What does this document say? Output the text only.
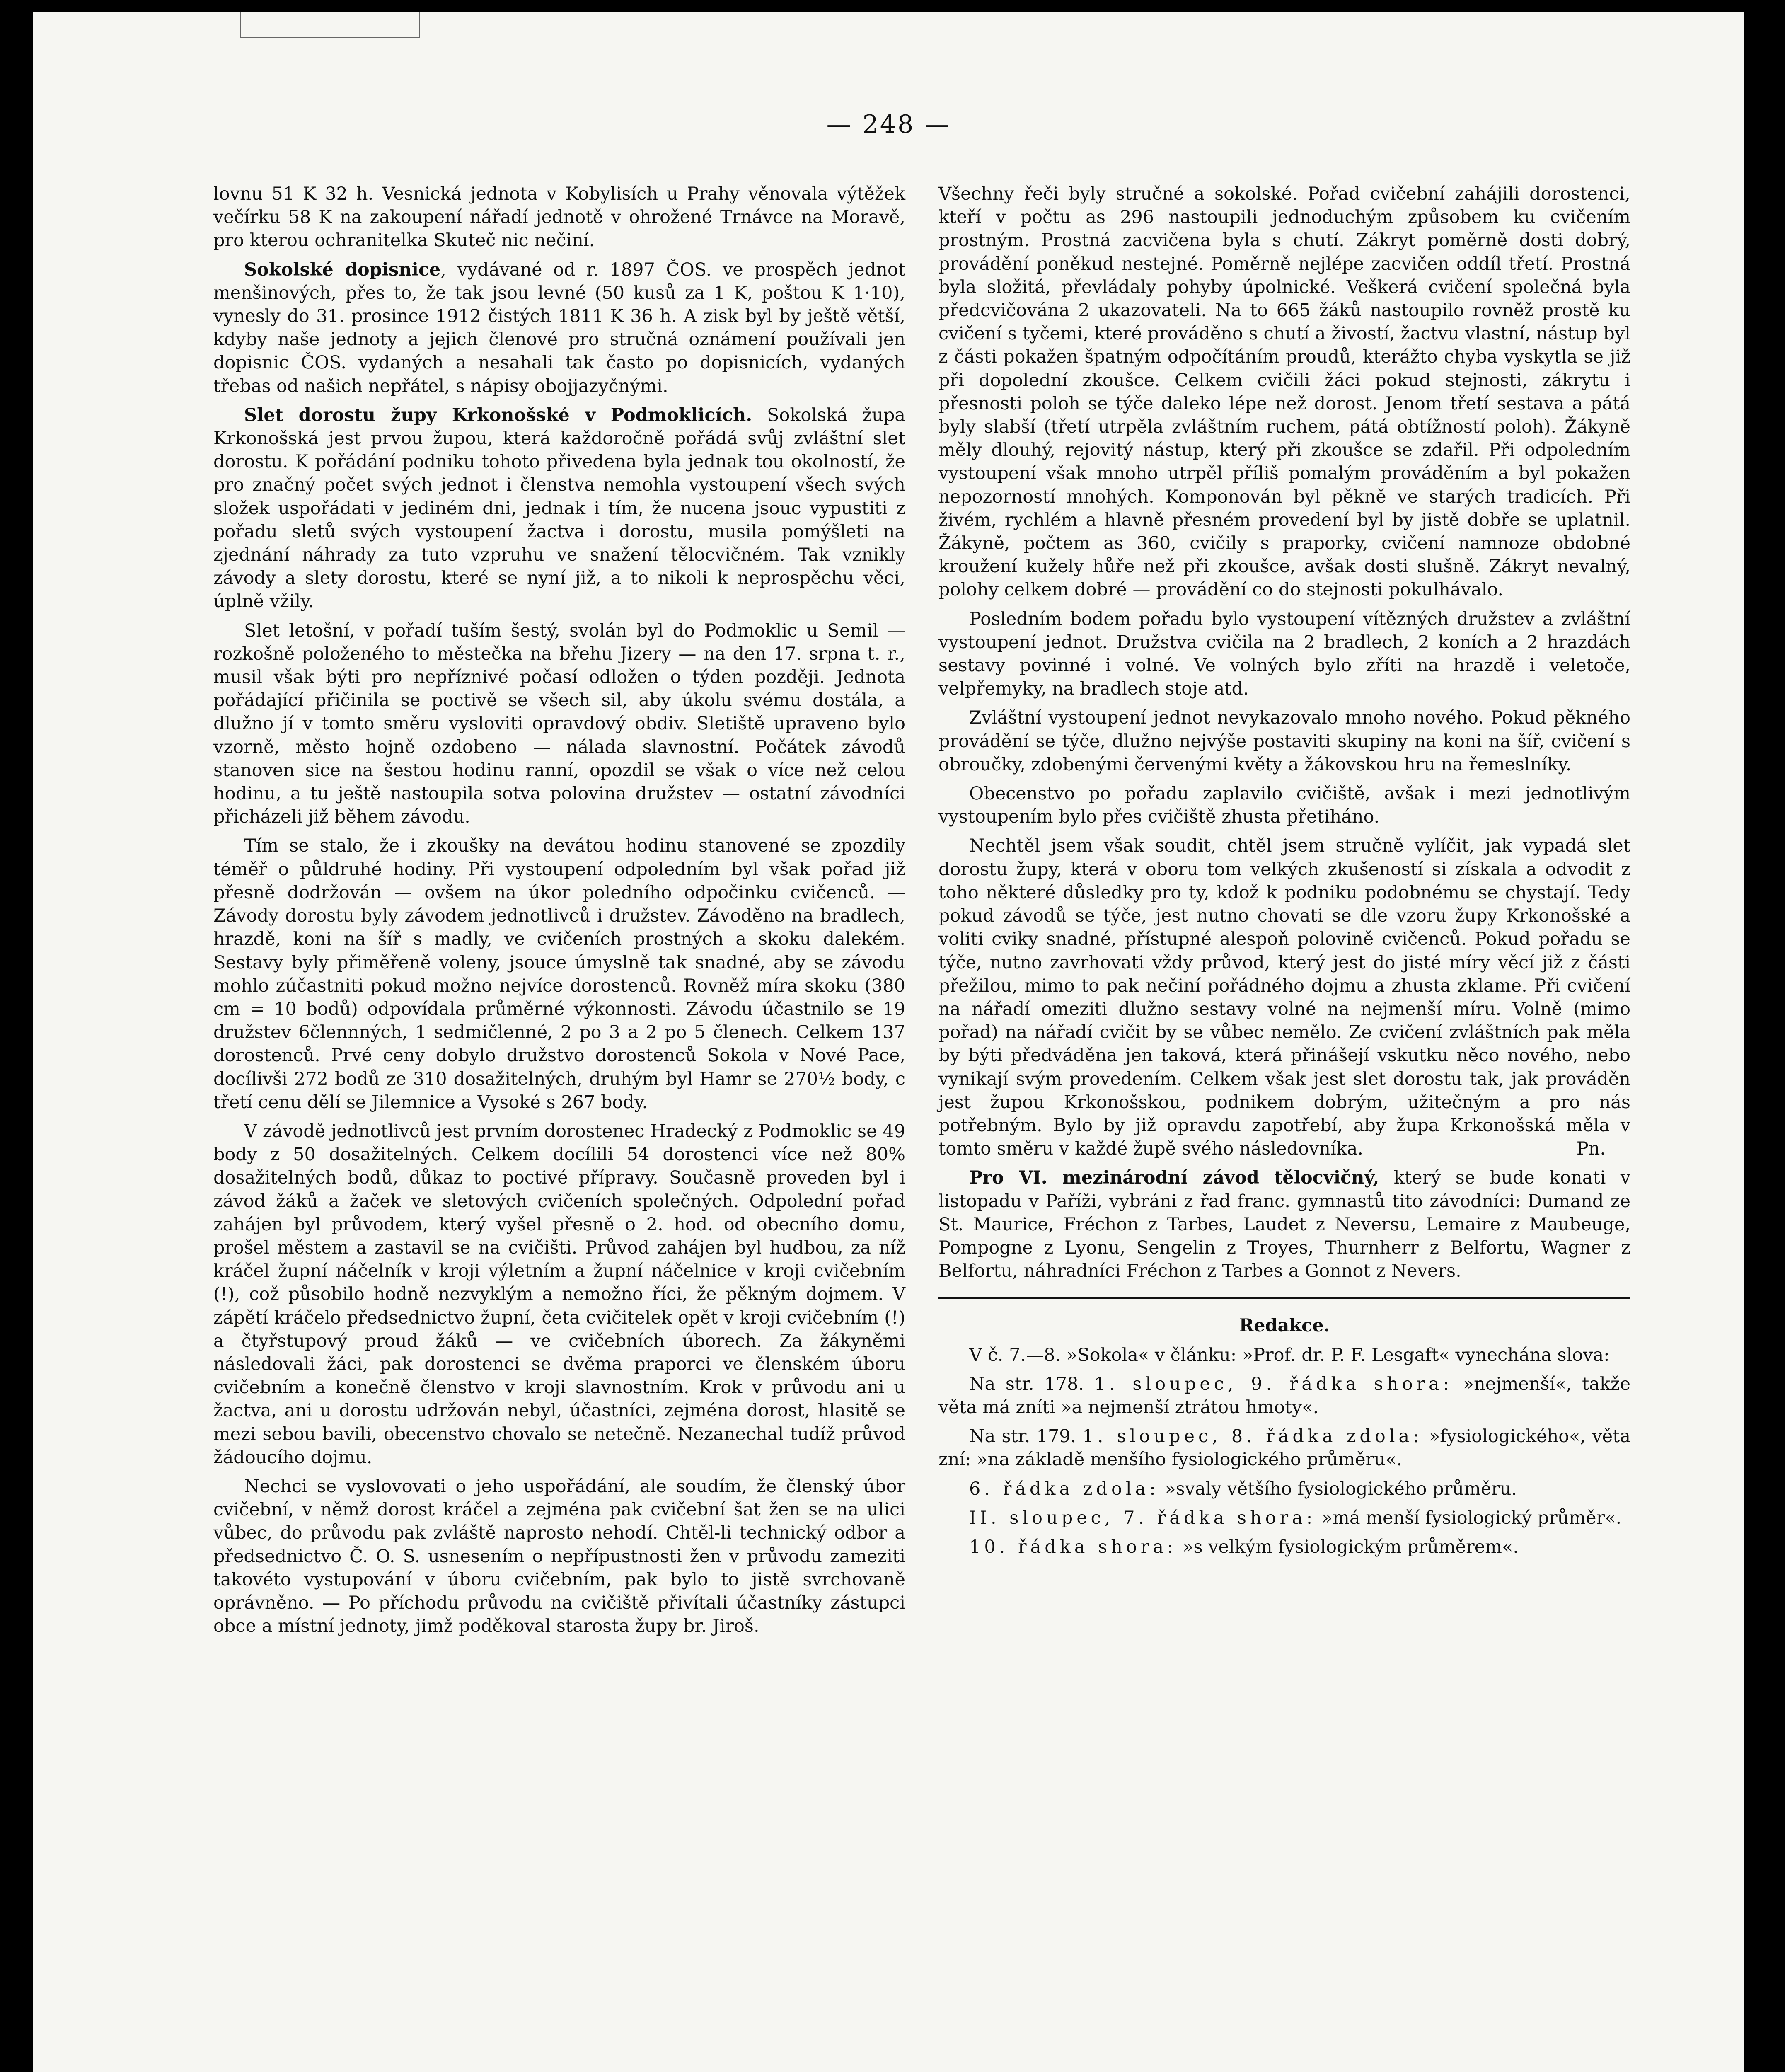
— 248 —

lovnu 51 K 32 h. Vesnická jednota v Kobylisích u Prahy věnovala výtěžek večírku 58 K na zakoupení nářadí jednotě v ohrožené Trnávce na Moravě, pro kterou ochranitelka Skuteč nic nečiní.

Sokolské dopisnice, vydávané od r. 1897 ČOS. ve prospěch jednot menšinových, přes to, že tak jsou levné (50 kusů za 1 K, poštou K 1·10), vynesly do 31. prosince 1912 čistých 1811 K 36 h. A zisk byl by ještě větší, kdyby naše jednoty a jejich členové pro stručná oznámení používali jen dopisnic ČOS. vydaných a nesahali tak často po dopisnicích, vydaných třebas od našich nepřátel, s nápisy obojjazyčnými.

Slet dorostu župy Krkonošské v Podmoklicích. Sokolská župa Krkonošská jest prvou župou, která každoročně pořádá svůj zvláštní slet dorostu. K pořádání podniku tohoto přivedena byla jednak tou okolností, že pro značný počet svých jednot i členstva nemohla vystoupení všech svých složek uspořádati v jediném dni, jednak i tím, že nucena jsouc vypustiti z pořadu sletů svých vystoupení žactva i dorostu, musila pomýšleti na zjednání náhrady za tuto vzpruhu ve snažení tělocvičném. Tak vznikly závody a slety dorostu, které se nyní již, a to nikoli k neprospěchu věci, úplně vžily.

Slet letošní, v pořadí tuším šestý, svolán byl do Podmoklic u Semil — rozkošně položeného to městečka na břehu Jizery — na den 17. srpna t. r., musil však býti pro nepříznivé počasí odložen o týden později. Jednota pořádající přičinila se poctivě se všech sil, aby úkolu svému dostála, a dlužno jí v tomto směru vysloviti opravdový obdiv. Sletiště upraveno bylo vzorně, město hojně ozdobeno — nálada slavnostní. Počátek závodů stanoven sice na šestou hodinu ranní, opozdil se však o více než celou hodinu, a tu ještě nastoupila sotva polovina družstev — ostatní závodníci přicházeli již během závodu.

Tím se stalo, že i zkoušky na devátou hodinu stanovené se zpozdily téměř o půldruhé hodiny. Při vystoupení odpoledním byl však pořad již přesně dodržován — ovšem na úkor poledního odpočinku cvičenců. — Závody dorostu byly závodem jednotlivců i družstev. Závoděno na bradlech, hrazdě, koni na šíř s madly, ve cvičeních prostných a skoku dalekém. Sestavy byly přiměřeně voleny, jsouce úmyslně tak snadné, aby se závodu mohlo zúčastniti pokud možno nejvíce dorostenců. Rovněž míra skoku (380 cm = 10 bodů) odpovídala průměrné výkonnosti. Závodu účastnilo se 19 družstev 6člennných, 1 sedmičlenné, 2 po 3 a 2 po 5 členech. Celkem 137 dorostenců. Prvé ceny dobylo družstvo dorostenců Sokola v Nové Pace, docílivši 272 bodů ze 310 dosažitelných, druhým byl Hamr se 270½ body, c třetí cenu dělí se Jilemnice a Vysoké s 267 body.

V závodě jednotlivců jest prvním dorostenec Hradecký z Podmoklic se 49 body z 50 dosažitelných. Celkem docílili 54 dorostenci více než 80% dosažitelných bodů, důkaz to poctivé přípravy. Současně proveden byl i závod žáků a žaček ve sletových cvičeních společných. Odpolední pořad zahájen byl průvodem, který vyšel přesně o 2. hod. od obecního domu, prošel městem a zastavil se na cvičišti. Průvod zahájen byl hudbou, za níž kráčel župní náčelník v kroji výletním a župní náčelnice v kroji cvičebním (!), což působilo hodně nezvyklým a nemožno říci, že pěkným dojmem. V zápětí kráčelo předsednictvo župní, četa cvičitelek opět v kroji cvičebním (!) a čtyřstupový proud žáků — ve cvičebních úborech. Za žákyněmi následovali žáci, pak dorostenci se dvěma praporci ve členském úboru cvičebním a konečně členstvo v kroji slavnostním. Krok v průvodu ani u žactva, ani u dorostu udržován nebyl, účastníci, zejména dorost, hlasitě se mezi sebou bavili, obecenstvo chovalo se netečně. Nezanechal tudíž průvod žádoucího dojmu.

Nechci se vyslovovati o jeho uspořádání, ale soudím, že členský úbor cvičební, v němž dorost kráčel a zejména pak cvičební šat žen se na ulici vůbec, do průvodu pak zvláště naprosto nehodí. Chtěl-li technický odbor a předsednictvo Č. O. S. usnesením o nepřípustnosti žen v průvodu zameziti takovéto vystupování v úboru cvičebním, pak bylo to jistě svrchovaně oprávněno. — Po příchodu průvodu na cvičiště přivítali účastníky zástupci obce a místní jednoty, jimž poděkoval starosta župy br. Jiroš.

Všechny řeči byly stručné a sokolské. Pořad cvičební zahájili dorostenci, kteří v počtu as 296 nastoupili jednoduchým způsobem ku cvičením prostným. Prostná zacvičena byla s chutí. Zákryt poměrně dosti dobrý, provádění poněkud nestejné. Poměrně nejlépe zacvičen oddíl třetí. Prostná byla složitá, převládaly pohyby úpolnické. Veškerá cvičení společná byla předcvičována 2 ukazovateli. Na to 665 žáků nastoupilo rovněž prostě ku cvičení s tyčemi, které prováděno s chutí a živostí, žactvu vlastní, nástup byl z části pokažen špatným odpočítáním proudů, kterážto chyba vyskytla se již při dopolední zkoušce. Celkem cvičili žáci pokud stejnosti, zákrytu i přesnosti poloh se týče daleko lépe než dorost. Jenom třetí sestava a pátá byly slabší (třetí utrpěla zvláštním ruchem, pátá obtížností poloh). Žákyně měly dlouhý, rejovitý nástup, který při zkoušce se zdařil. Při odpoledním vystoupení však mnoho utrpěl příliš pomalým prováděním a byl pokažen nepozorností mnohých. Komponován byl pěkně ve starých tradicích. Při živém, rychlém a hlavně přesném provedení byl by jistě dobře se uplatnil. Žákyně, počtem as 360, cvičily s praporky, cvičení namnoze obdobné kroužení kužely hůře než při zkoušce, avšak dosti slušně. Zákryt nevalný, polohy celkem dobré — provádění co do stejnosti pokulhávalo.

Posledním bodem pořadu bylo vystoupení vítězných družstev a zvláštní vystoupení jednot. Družstva cvičila na 2 bradlech, 2 koních a 2 hrazdách sestavy povinné i volné. Ve volných bylo zříti na hrazdě i veletoče, velpřemyky, na bradlech stoje atd.

Zvláštní vystoupení jednot nevykazovalo mnoho nového. Pokud pěkného provádění se týče, dlužno nejvýše postaviti skupiny na koni na šíř, cvičení s obroučky, zdobenými červenými květy a žákovskou hru na řemeslníky.

Obecenstvo po pořadu zaplavilo cvičiště, avšak i mezi jednotlivým vystoupením bylo přes cvičiště zhusta přetiháno.

Nechtěl jsem však soudit, chtěl jsem stručně vylíčit, jak vypadá slet dorostu župy, která v oboru tom velkých zkušeností si získala a odvodit z toho některé důsledky pro ty, kdož k podniku podobnému se chystají. Tedy pokud závodů se týče, jest nutno chovati se dle vzoru župy Krkonošské a voliti cviky snadné, přístupné alespoň polovině cvičenců. Pokud pořadu se týče, nutno zavrhovati vždy průvod, který jest do jisté míry věcí již z části přežilou, mimo to pak nečiní pořádného dojmu a zhusta zklame. Při cvičení na nářadí omeziti dlužno sestavy volné na nejmenší míru. Volně (mimo pořad) na nářadí cvičit by se vůbec nemělo. Ze cvičení zvláštních pak měla by býti předváděna jen taková, která přinášejí vskutku něco nového, nebo vynikají svým provedením. Celkem však jest slet dorostu tak, jak prováděn jest župou Krkonošskou, podnikem dobrým, užitečným a pro nás potřebným. Bylo by již opravdu zapotřebí, aby župa Krkonošská měla v tomto směru v každé župě svého následovníka.	Pn.

Pro VI. mezinárodní závod tělocvičný, který se bude konati v listopadu v Paříži, vybráni z řad franc. gymnastů tito závodníci: Dumand ze St. Maurice, Fréchon z Tarbes, Laudet z Neversu, Lemaire z Maubeuge, Pompogne z Lyonu, Sengelin z Troyes, Thurnherr z Belfortu, Wagner z Belfortu, náhradníci Fréchon z Tarbes a Gonnot z Nevers.

Redakce.

V č. 7.—8. »Sokola« v článku: »Prof. dr. P. F. Lesgaft« vynechána slova:

Na str. 178. 1. sloupec, 9. řádka shora: »nejmenší«, takže věta má zníti »a nejmenší ztrátou hmoty«.

Na str. 179. 1. sloupec, 8. řádka zdola: »fysiologického«, věta zní: »na základě menšího fysiologického průměru«.

6. řádka zdola: »svaly většího fysiologického průměru.

II. sloupec, 7. řádka shora: »má menší fysiologický průměr«.

10. řádka shora: »s velkým fysiologickým průměrem«.
